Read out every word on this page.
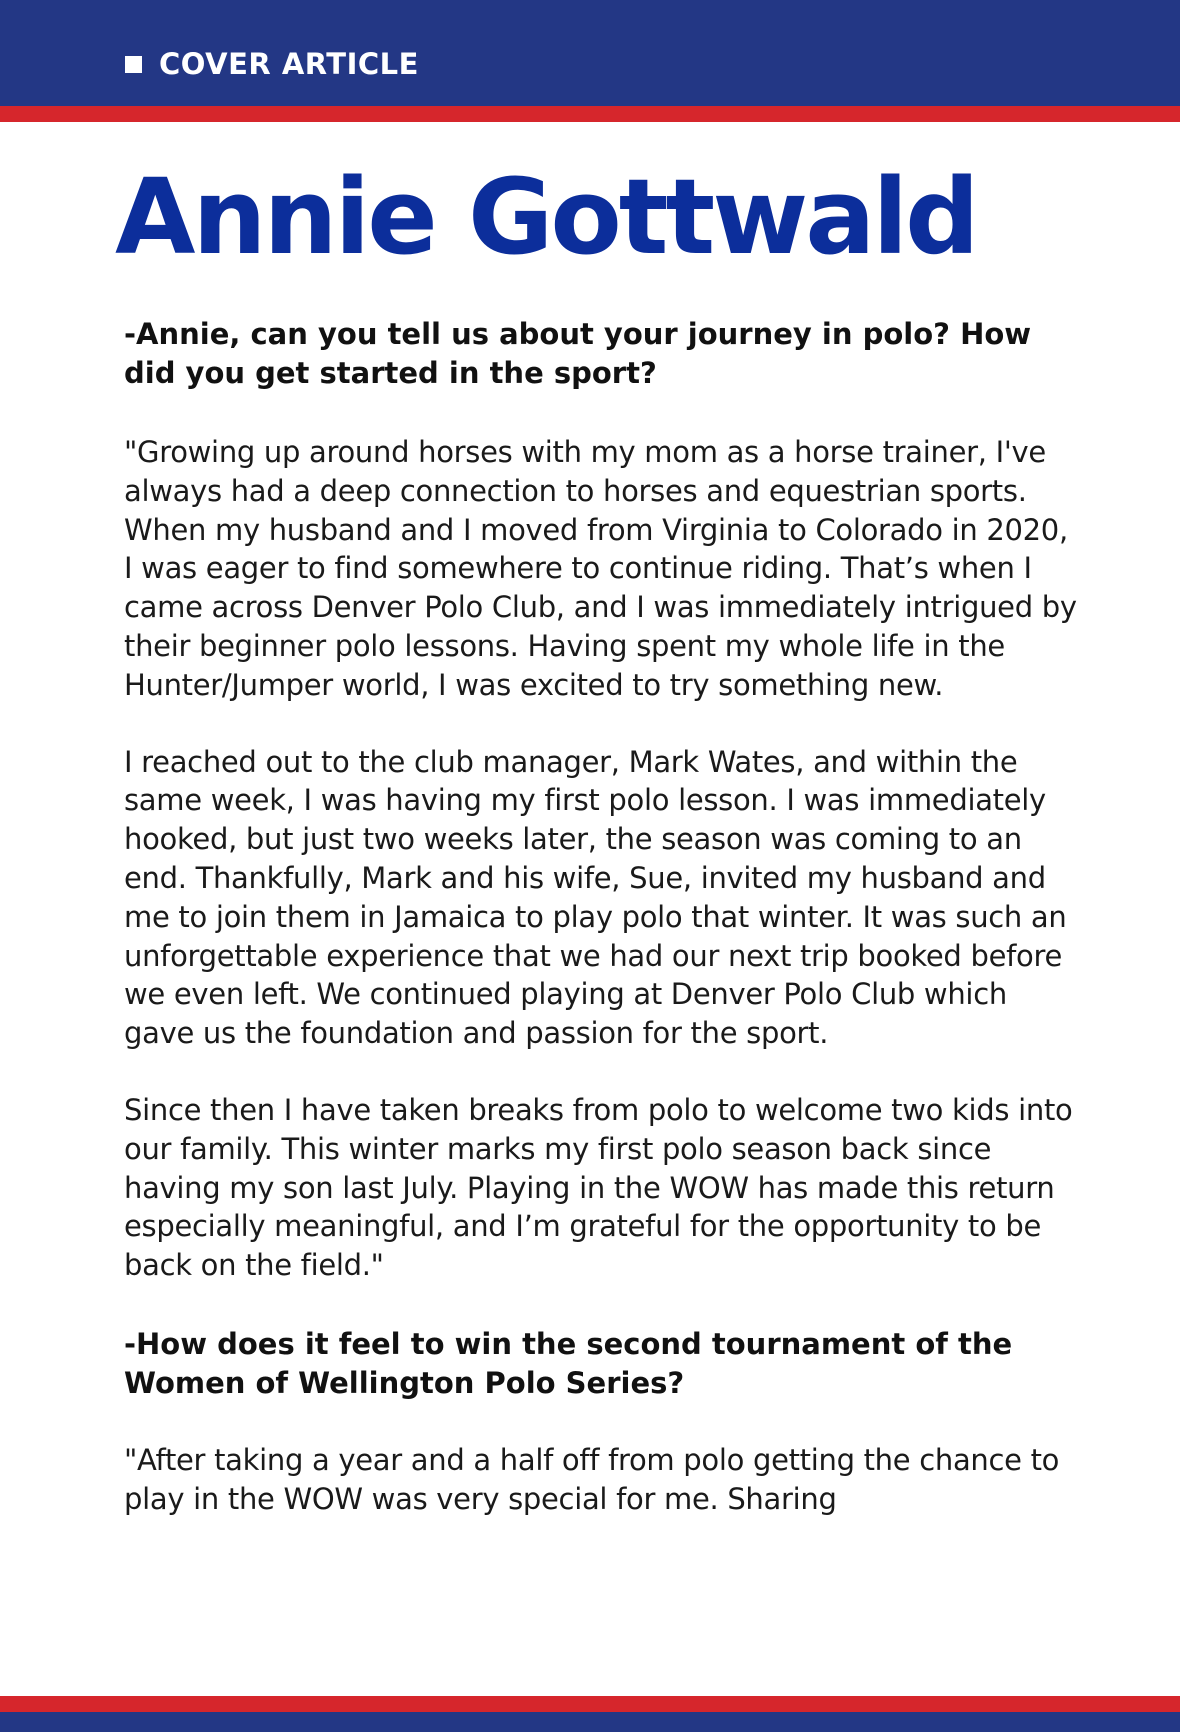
COVER ARTICLE
Annie Gottwald

-Annie, can you tell us about your journey in polo? How did you get started in the sport?

"Growing up around horses with my mom as a horse trainer, I've always had a deep connection to horses and equestrian sports. When my husband and I moved from Virginia to Colorado in 2020, I was eager to find somewhere to continue riding. That’s when I came across Denver Polo Club, and I was immediately intrigued by their beginner polo lessons. Having spent my whole life in the Hunter/Jumper world, I was excited to try something new.

I reached out to the club manager, Mark Wates, and within the same week, I was having my first polo lesson. I was immediately hooked, but just two weeks later, the season was coming to an end. Thankfully, Mark and his wife, Sue, invited my husband and me to join them in Jamaica to play polo that winter. It was such an unforgettable experience that we had our next trip booked before we even left. We continued playing at Denver Polo Club which gave us the foundation and passion for the sport.

Since then I have taken breaks from polo to welcome two kids into our family. This winter marks my first polo season back since having my son last July. Playing in the WOW has made this return especially meaningful, and I’m grateful for the opportunity to be back on the field."

-How does it feel to win the second tournament of the Women of Wellington Polo Series?

"After taking a year and a half off from polo getting the chance to play in the WOW was very special for me. Sharing
